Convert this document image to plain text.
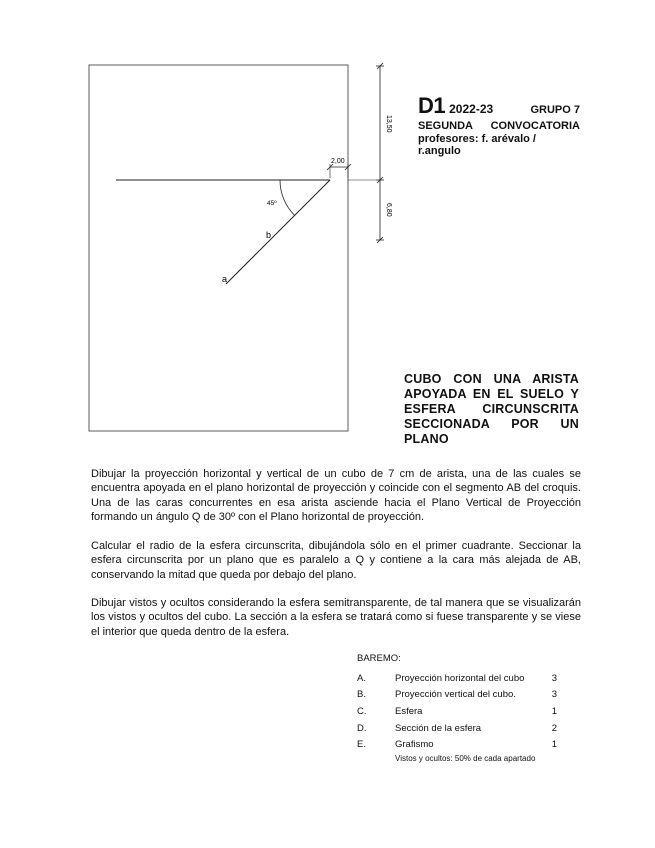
45º
b
a
13,50
6,80
2,00
D1 2022-23	GRUPO 7
SEGUNDA CONVOCATORIA
profesores: f. arévalo / r.angulo
CUBO CON UNA ARISTA APOYADA EN EL SUELO Y ESFERA CIRCUNSCRITA SECCIONADA POR UN PLANO
Dibujar la proyección horizontal y vertical de un cubo de 7 cm de arista, una de las cuales se encuentra apoyada en el plano horizontal de proyección y coincide con el segmento AB del croquis. Una de las caras concurrentes en esa arista asciende hacia el Plano Vertical de Proyección formando un ángulo Q de 30º con el Plano horizontal de proyección.
Calcular el radio de la esfera circunscrita, dibujándola sólo en el primer cuadrante. Seccionar la esfera circunscrita por un plano que es paralelo a Q y contiene a la cara más alejada de AB, conservando la mitad que queda por debajo del plano.
Dibujar vistos y ocultos considerando la esfera semitransparente, de tal manera que se visualizarán los vistos y ocultos del cubo. La sección a la esfera se tratará como si fuese transparente y se viese el interior que queda dentro de la esfera.
BAREMO:
A.	Proyección horizontal del cubo	3
B.	Proyección vertical del cubo.	3
C.	Esfera	1
D.	Sección de la esfera	2
E.	Grafismo	1
Vistos y ocultos: 50% de cada apartado
